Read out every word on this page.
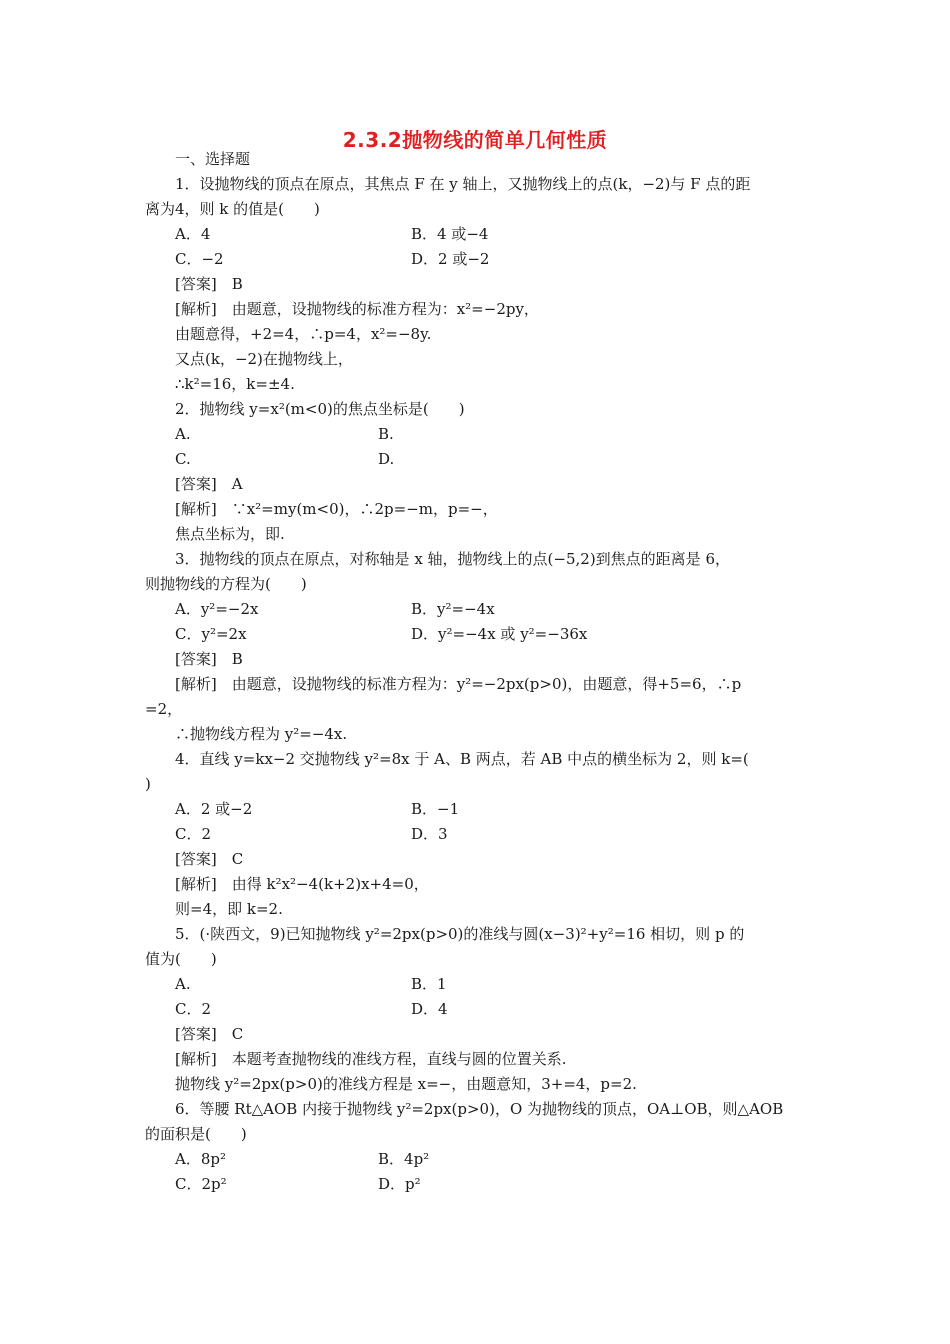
2.3.2抛物线的简单几何性质
一、选择题
1．设抛物线的顶点在原点，其焦点 F 在 y 轴上，又抛物线上的点(k，−2)与 F 点的距
离为4，则 k 的值是(　　)
A．4	B．4 或−4
C．−2	D．2 或−2
[答案]　B
[解析]　由题意，设抛物线的标准方程为：x²=−2py，
由题意得，+2=4，∴p=4，x²=−8y.
又点(k，−2)在抛物线上，
∴k²=16，k=±4.
2．抛物线 y=x²(m<0)的焦点坐标是(　　)
A.	B.
C.	D.
[答案]　A
[解析]　∵x²=my(m<0)，∴2p=−m，p=−，
焦点坐标为，即.
3．抛物线的顶点在原点，对称轴是 x 轴，抛物线上的点(−5,2)到焦点的距离是 6，
则抛物线的方程为(　　)
A．y²=−2x	B．y²=−4x
C．y²=2x	D．y²=−4x 或 y²=−36x
[答案]　B
[解析]　由题意，设抛物线的标准方程为：y²=−2px(p>0)，由题意，得+5=6，∴p
=2，
∴抛物线方程为 y²=−4x.
4．直线 y=kx−2 交抛物线 y²=8x 于 A、B 两点，若 AB 中点的横坐标为 2，则 k=(
)
A．2 或−2	B．−1
C．2	D．3
[答案]　C
[解析]　由得 k²x²−4(k+2)x+4=0，
则=4，即 k=2.
5．(·陕西文，9)已知抛物线 y²=2px(p>0)的准线与圆(x−3)²+y²=16 相切，则 p 的
值为(　　)
A.	B．1
C．2	D．4
[答案]　C
[解析]　本题考查抛物线的准线方程，直线与圆的位置关系.
抛物线 y²=2px(p>0)的准线方程是 x=−，由题意知，3+=4，p=2.
6．等腰 Rt△AOB 内接于抛物线 y²=2px(p>0)，O 为抛物线的顶点，OA⊥OB，则△AOB
的面积是(　　)
A．8p²	B．4p²
C．2p²	D．p²
